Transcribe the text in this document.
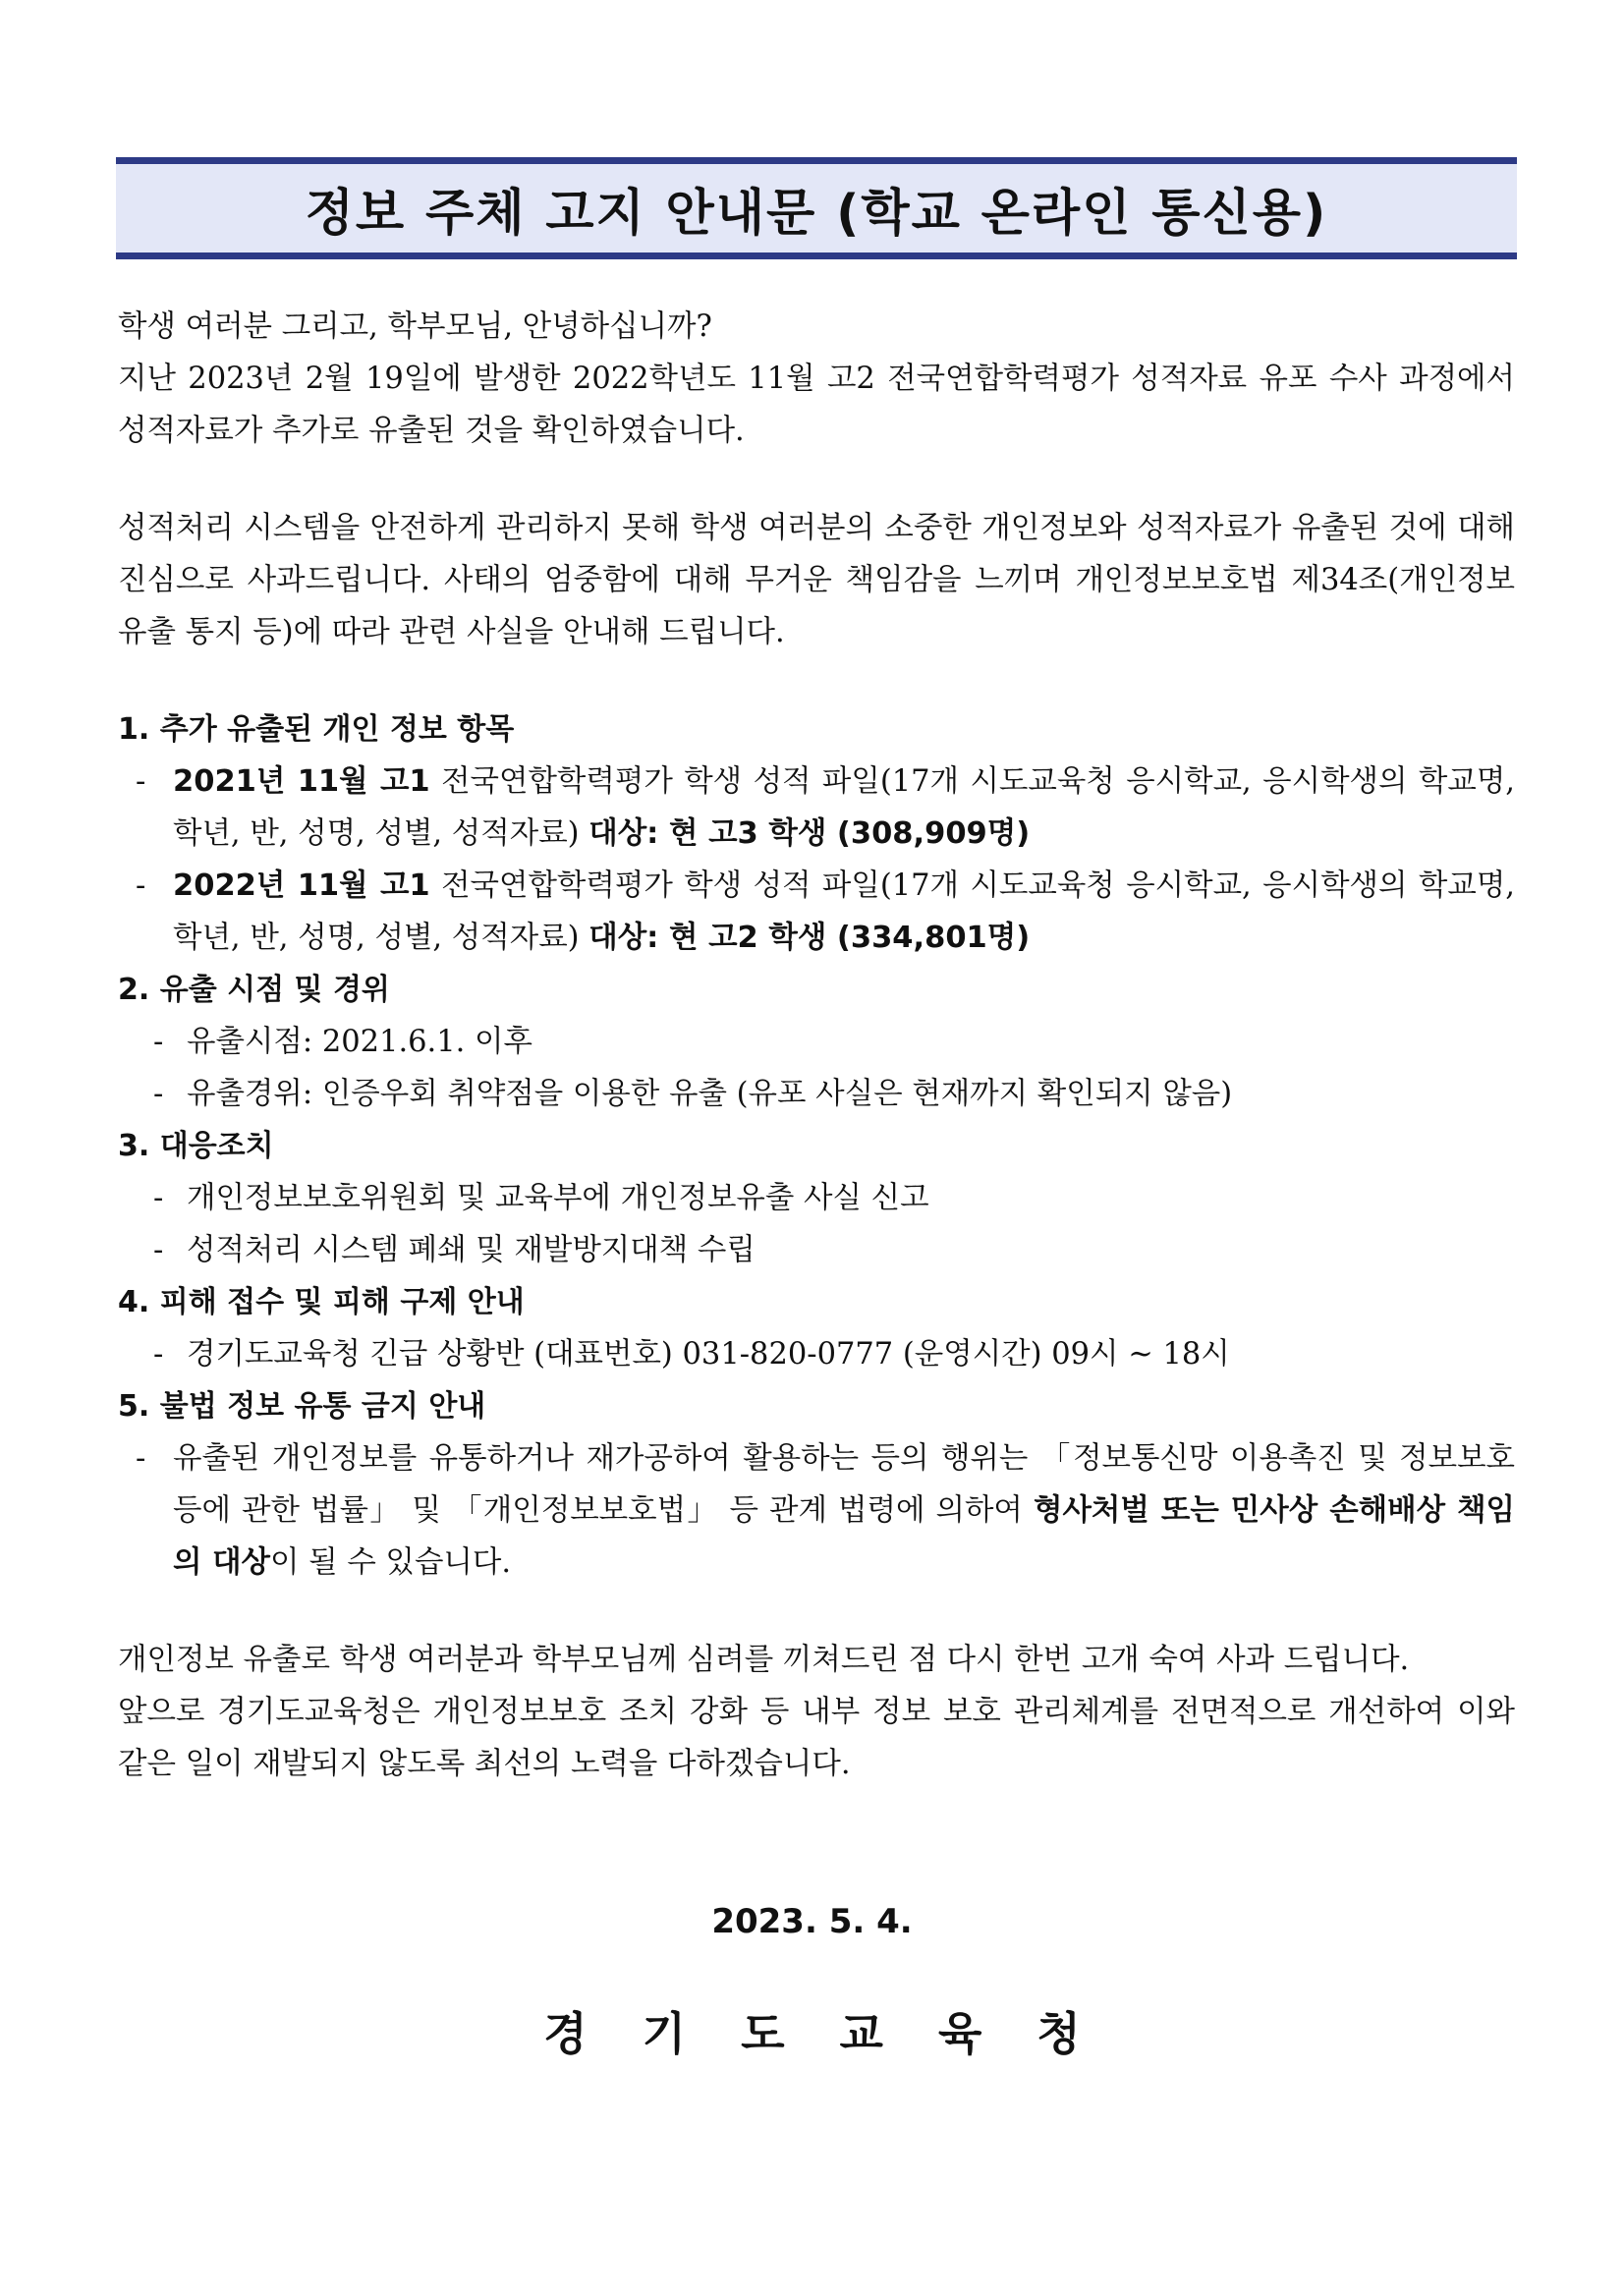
정보 주체 고지 안내문 (학교 온라인 통신용)

학생 여러분 그리고, 학부모님, 안녕하십니까?

지난 2023년 2월 19일에 발생한 2022학년도 11월 고2 전국연합학력평가 성적자료 유포 수사 과정에서 성적자료가 추가로 유출된 것을 확인하였습니다.

성적처리 시스템을 안전하게 관리하지 못해 학생 여러분의 소중한 개인정보와 성적자료가 유출된 것에 대해 진심으로 사과드립니다. 사태의 엄중함에 대해 무거운 책임감을 느끼며 개인정보보호법 제34조(개인정보 유출 통지 등)에 따라 관련 사실을 안내해 드립니다.

1. 추가 유출된 개인 정보 항목

- 2021년 11월 고1 전국연합학력평가 학생 성적 파일(17개 시도교육청 응시학교, 응시학생의 학교명, 학년, 반, 성명, 성별, 성적자료) 대상: 현 고3 학생 (308,909명)

- 2022년 11월 고1 전국연합학력평가 학생 성적 파일(17개 시도교육청 응시학교, 응시학생의 학교명, 학년, 반, 성명, 성별, 성적자료) 대상: 현 고2 학생 (334,801명)

2. 유출 시점 및 경위

- 유출시점: 2021.6.1. 이후

- 유출경위: 인증우회 취약점을 이용한 유출 (유포 사실은 현재까지 확인되지 않음)

3. 대응조치

- 개인정보보호위원회 및 교육부에 개인정보유출 사실 신고

- 성적처리 시스템 폐쇄 및 재발방지대책 수립

4. 피해 접수 및 피해 구제 안내

- 경기도교육청 긴급 상황반 (대표번호) 031-820-0777 (운영시간) 09시 ~ 18시

5. 불법 정보 유통 금지 안내

- 유출된 개인정보를 유통하거나 재가공하여 활용하는 등의 행위는 「정보통신망 이용촉진 및 정보보호 등에 관한 법률」 및 「개인정보보호법」 등 관계 법령에 의하여 형사처벌 또는 민사상 손해배상 책임의 대상이 될 수 있습니다.

개인정보 유출로 학생 여러분과 학부모님께 심려를 끼쳐드린 점 다시 한번 고개 숙여 사과 드립니다.

앞으로 경기도교육청은 개인정보보호 조치 강화 등 내부 정보 보호 관리체계를 전면적으로 개선하여 이와 같은 일이 재발되지 않도록 최선의 노력을 다하겠습니다.

2023. 5. 4.
경 기 도 교 육 청
